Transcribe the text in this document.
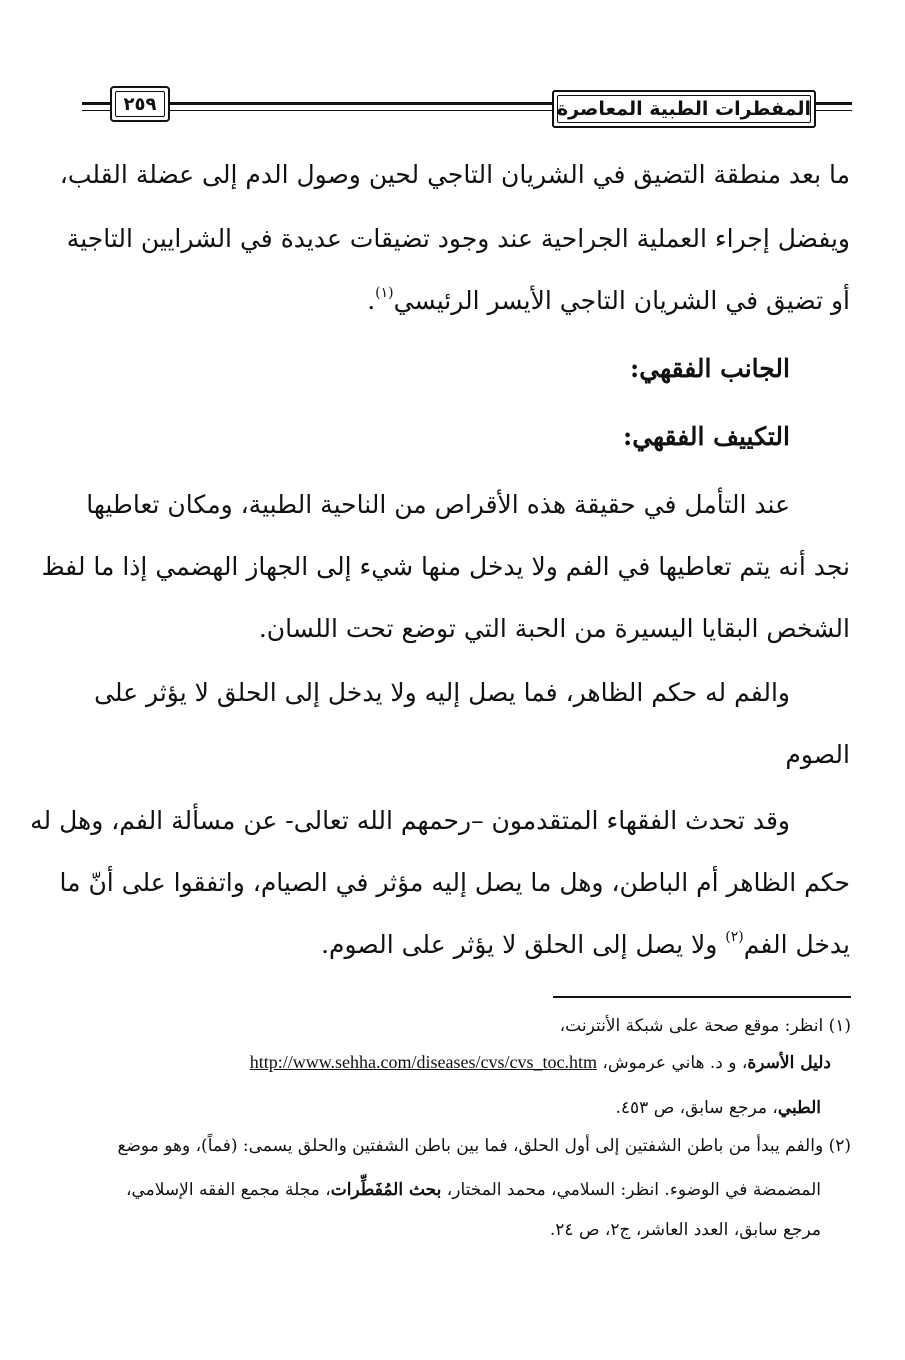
٢٥٩	المفطرات الطبية المعاصرة
ما بعد منطقة التضيق في الشريان التاجي لحين وصول الدم إلى عضلة القلب،
ويفضل إجراء العملية الجراحية عند وجود تضيقات عديدة في الشرايين التاجية
أو تضيق في الشريان التاجي الأيسر الرئيسي$^{(١)}$.
الجانب الفقهي:
التكييف الفقهي:
عند التأمل في حقيقة هذه الأقراص من الناحية الطبية، ومكان تعاطيها
نجد أنه يتم تعاطيها في الفم ولا يدخل منها شيء إلى الجهاز الهضمي إذا ما لفظ
الشخص البقايا اليسيرة من الحبة التي توضع تحت اللسان.
والفم له حكم الظاهر، فما يصل إليه ولا يدخل إلى الحلق لا يؤثر على
الصوم
وقد تحدث الفقهاء المتقدمون –رحمهم الله تعالى- عن مسألة الفم، وهل له
حكم الظاهر أم الباطن، وهل ما يصل إليه مؤثر في الصيام، واتفقوا على أنّ ما
يدخل الفم$^{(٢)}$ ولا يصل إلى الحلق لا يؤثر على الصوم.
(١) انظر: موقع صحة على شبكة الأنترنت،
دليل الأسرة، و د. هاني عرموش، http://www.sehha.com/diseases/cvs/cvs_toc.htm
الطبي، مرجع سابق، ص ٤٥٣.
(٢) والفم يبدأ من باطن الشفتين إلى أول الحلق، فما بين باطن الشفتين والحلق يسمى: (فماً)، وهو موضع
المضمضة في الوضوء. انظر: السلامي، محمد المختار، بحث المُفَطِّرات، مجلة مجمع الفقه الإسلامي،
مرجع سابق، العدد العاشر، ج٢، ص ٢٤.
